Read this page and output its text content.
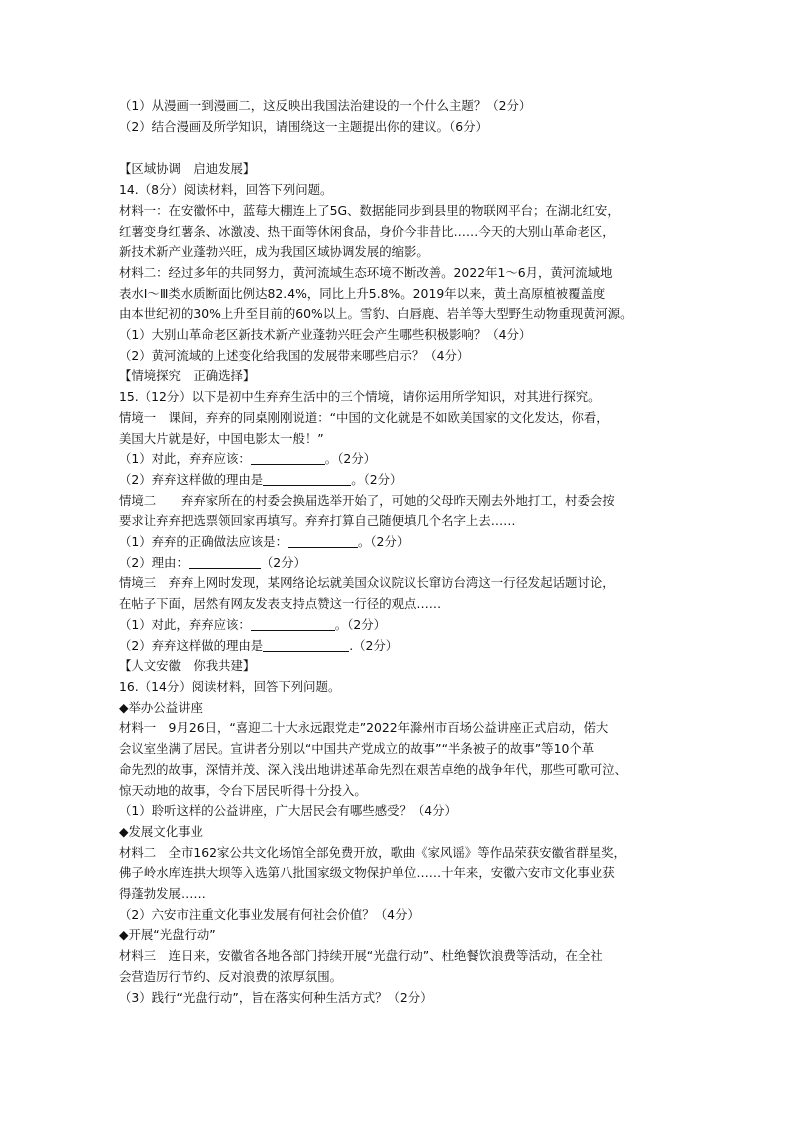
（1）从漫画一到漫画二，这反映出我国法治建设的一个什么主题？（2分）
（2）结合漫画及所学知识，请围绕这一主题提出你的建议。（6分）
【区域协调　启迪发展】
14.（8分）阅读材料，回答下列问题。
材料一：在安徽怀中，蓝莓大棚连上了5G、数据能同步到县里的物联网平台；在湖北红安，
红薯变身红薯条、冰激凌、热干面等休闲食品，身价今非昔比……今天的大别山革命老区，
新技术新产业蓬勃兴旺，成为我国区域协调发展的缩影。
材料二：经过多年的共同努力，黄河流域生态环境不断改善。2022年1～6月，黄河流域地
表水Ⅰ～Ⅲ类水质断面比例达82.4%，同比上升5.8%。2019年以来，黄土高原植被覆盖度
由本世纪初的30%上升至目前的60%以上。雪豹、白唇鹿、岩羊等大型野生动物重现黄河源。
（1）大别山革命老区新技术新产业蓬勃兴旺会产生哪些积极影响？（4分）
（2）黄河流域的上述变化给我国的发展带来哪些启示？（4分）
【情境探究　正确选择】
15.（12分）以下是初中生弃弃生活中的三个情境，请你运用所学知识，对其进行探究。
情境一　课间，弃弃的同桌刚刚说道：“中国的文化就是不如欧美国家的文化发达，你看，
美国大片就是好，中国电影太一般！”
（1）对此，弃弃应该：	。（2分）
（2）弃弃这样做的理由是	。（2分）
情境二　　弃弃家所在的村委会换届选举开始了，可她的父母昨天刚去外地打工，村委会按
要求让弃弃把选票领回家再填写。弃弃打算自己随便填几个名字上去……
（1）弃弃的正确做法应该是：	。（2分）
（2）理由：	（2分）
情境三　弃弃上网时发现，某网络论坛就美国众议院议长窜访台湾这一行径发起话题讨论，
在帖子下面，居然有网友发表支持点赞这一行径的观点……
（1）对此，弃弃应该：	。（2分）
（2）弃弃这样做的理由是	.（2分）
【人文安徽　你我共建】
16.（14分）阅读材料，回答下列问题。
◆举办公益讲座
材料一　9月26日，“喜迎二十大永远跟党走”2022年滁州市百场公益讲座正式启动，偌大
会议室坐满了居民。宣讲者分别以“中国共产党成立的故事”“半条被子的故事”等10个革
命先烈的故事，深情并茂、深入浅出地讲述革命先烈在艰苦卓绝的战争年代，那些可歌可泣、
惊天动地的故事，令台下居民听得十分投入。
（1）聆听这样的公益讲座，广大居民会有哪些感受？（4分）
◆发展文化事业
材料二　全市162家公共文化场馆全部免费开放，歌曲《家风谣》等作品荣获安徽省群星奖，
佛子岭水库连拱大坝等入选第八批国家级文物保护单位……十年来，安徽六安市文化事业获
得蓬勃发展……
（2）六安市注重文化事业发展有何社会价值？（4分）
◆开展“光盘行动”
材料三　连日来，安徽省各地各部门持续开展“光盘行动”、杜绝餐饮浪费等活动，在全社
会营造厉行节约、反对浪费的浓厚氛围。
（3）践行“光盘行动”，旨在落实何种生活方式？（2分）
